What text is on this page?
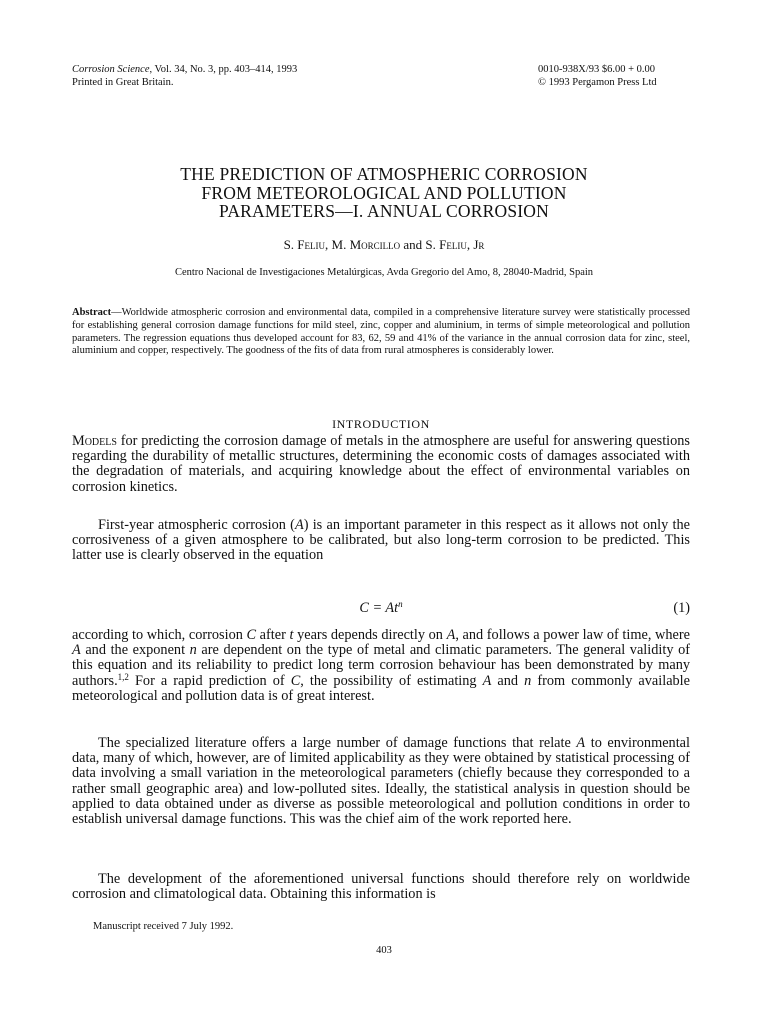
Corrosion Science, Vol. 34, No. 3, pp. 403–414, 1993
Printed in Great Britain.
0010-938X/93 $6.00 + 0.00
© 1993 Pergamon Press Ltd
THE PREDICTION OF ATMOSPHERIC CORROSION
FROM METEOROLOGICAL AND POLLUTION
PARAMETERS—I. ANNUAL CORROSION
S. Feliu, M. Morcillo and S. Feliu, Jr
Centro Nacional de Investigaciones Metalúrgicas, Avda Gregorio del Amo, 8, 28040-Madrid, Spain
Abstract—Worldwide atmospheric corrosion and environmental data, compiled in a comprehensive literature survey were statistically processed for establishing general corrosion damage functions for mild steel, zinc, copper and aluminium, in terms of simple meteorological and pollution parameters. The regression equations thus developed account for 83, 62, 59 and 41% of the variance in the annual corrosion data for zinc, steel, aluminium and copper, respectively. The goodness of the fits of data from rural atmospheres is considerably lower.
INTRODUCTION

Models for predicting the corrosion damage of metals in the atmosphere are useful for answering questions regarding the durability of metallic structures, determining the economic costs of damages associated with the degradation of materials, and acquiring knowledge about the effect of environmental variables on corrosion kinetics.

First-year atmospheric corrosion (A) is an important parameter in this respect as it allows not only the corrosiveness of a given atmosphere to be calibrated, but also long-term corrosion to be predicted. This latter use is clearly observed in the equation

$C = At^n$	(1)

according to which, corrosion C after t years depends directly on A, and follows a power law of time, where A and the exponent n are dependent on the type of metal and climatic parameters. The general validity of this equation and its reliability to predict long term corrosion behaviour has been demonstrated by many authors.$^{1,2}$ For a rapid prediction of C, the possibility of estimating A and n from commonly available meteorological and pollution data is of great interest.

The specialized literature offers a large number of damage functions that relate A to environmental data, many of which, however, are of limited applicability as they were obtained by statistical processing of data involving a small variation in the meteorological parameters (chiefly because they corresponded to a rather small geographic area) and low-polluted sites. Ideally, the statistical analysis in question should be applied to data obtained under as diverse as possible meteorological and pollution conditions in order to establish universal damage functions. This was the chief aim of the work reported here.

The development of the aforementioned universal functions should therefore rely on worldwide corrosion and climatological data. Obtaining this information is

Manuscript received 7 July 1992.
403
